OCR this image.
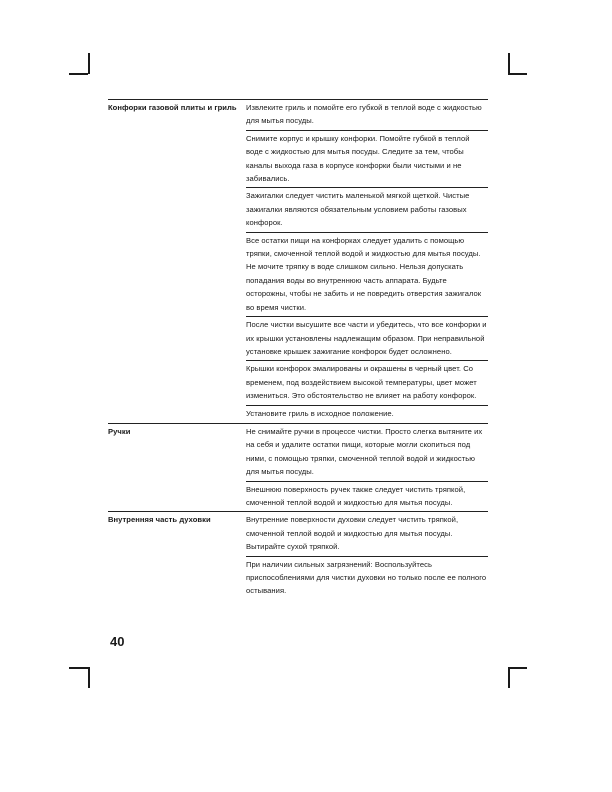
Конфорки газовой плиты и гриль	Извлеките гриль и помойте его губкой в теплой воде с жидкостью для мытья посуды.
Снимите корпус и крышку конфорки. Помойте губкой в теплой воде с жидкостью для мытья посуды. Следите за тем, чтобы каналы выхода газа в корпусе конфорки были чистыми и не забивались.
Зажигалки следует чистить маленькой мягкой щеткой. Чистые зажигалки являются обязательным условием работы газовых конфорок.
Все остатки пищи на конфорках следует удалить с помощью тряпки, смоченной теплой водой и жидкостью для мытья посуды. Не мочите тряпку в воде слишком сильно. Нельзя допускать попадания воды во внутреннюю часть аппарата. Будьте осторожны, чтобы не забить и не повредить отверстия зажигалок во время чистки.
После чистки высушите все части и убедитесь, что все конфорки и их крышки установлены надлежащим образом. При неправильной установке крышек зажигание конфорок будет осложнено.
Крышки конфорок эмалированы и окрашены в черный цвет. Со временем, под воздействием высокой температуры, цвет может измениться. Это обстоятельство не влияет на работу конфорок.
Установите гриль в исходное положение.
Ручки	Не снимайте ручки в процессе чистки. Просто слегка вытяните их на себя и удалите остатки пищи, которые могли скопиться под ними, с помощью тряпки, смоченной теплой водой и жидкостью для мытья посуды.
Внешнюю поверхность ручек также следует чистить тряпкой, смоченной теплой водой и жидкостью для мытья посуды.
Внутренняя часть духовки	Внутренние поверхности духовки следует чистить тряпкой, смоченной теплой водой и жидкостью для мытья посуды. Вытирайте сухой тряпкой.
При наличии сильных загрязнений: Воспользуйтесь приспособлениями для чистки духовки но только после ее полного остывания.
40
